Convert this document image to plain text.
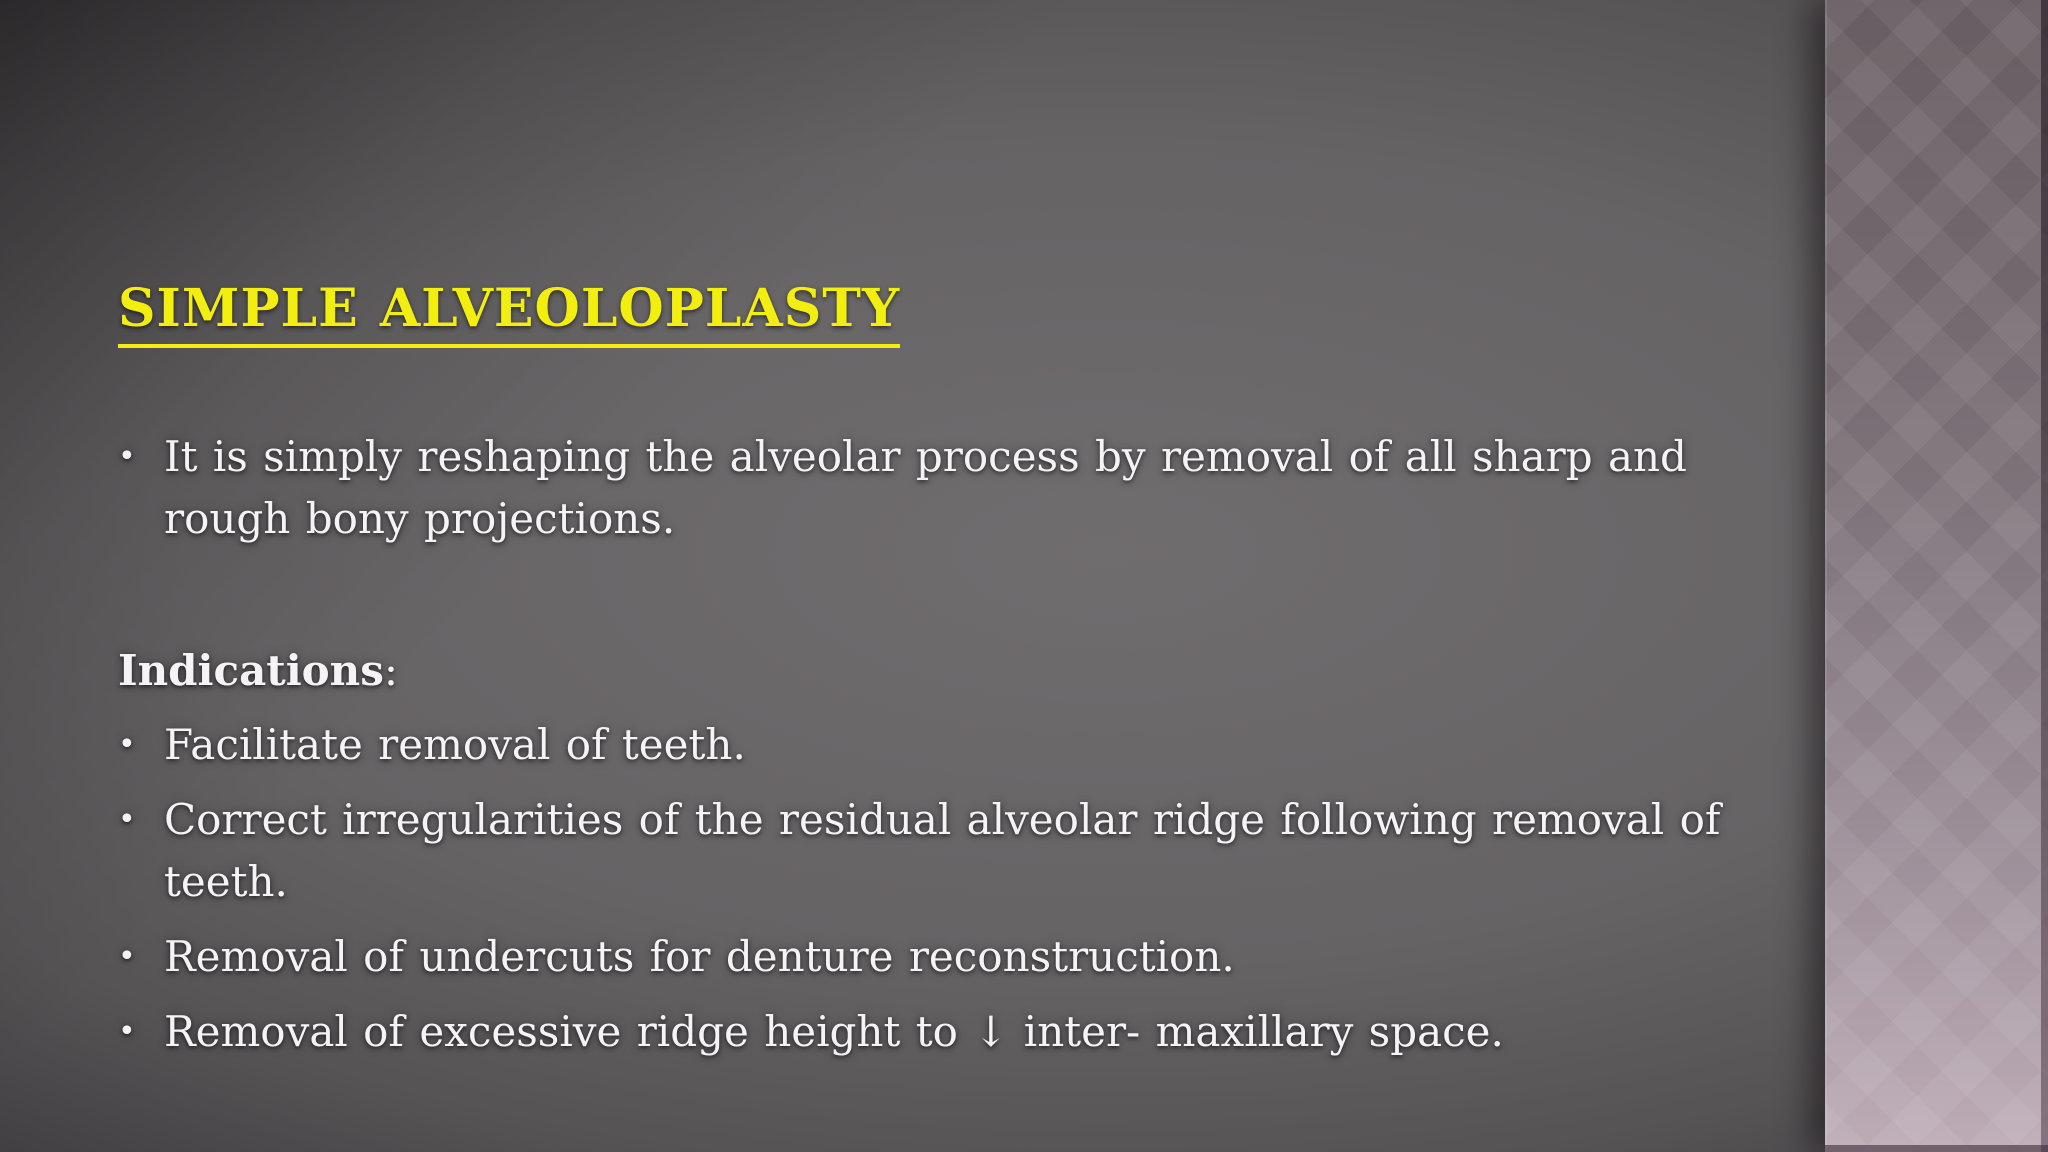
SIMPLE ALVEOLOPLASTY
• It is simply reshaping the alveolar process by removal of all sharp and rough bony projections.

Indications:

• Facilitate removal of teeth.
• Correct irregularities of the residual alveolar ridge following removal of teeth.
• Removal of undercuts for denture reconstruction.
• Removal of excessive ridge height to ↓ inter- maxillary space.
